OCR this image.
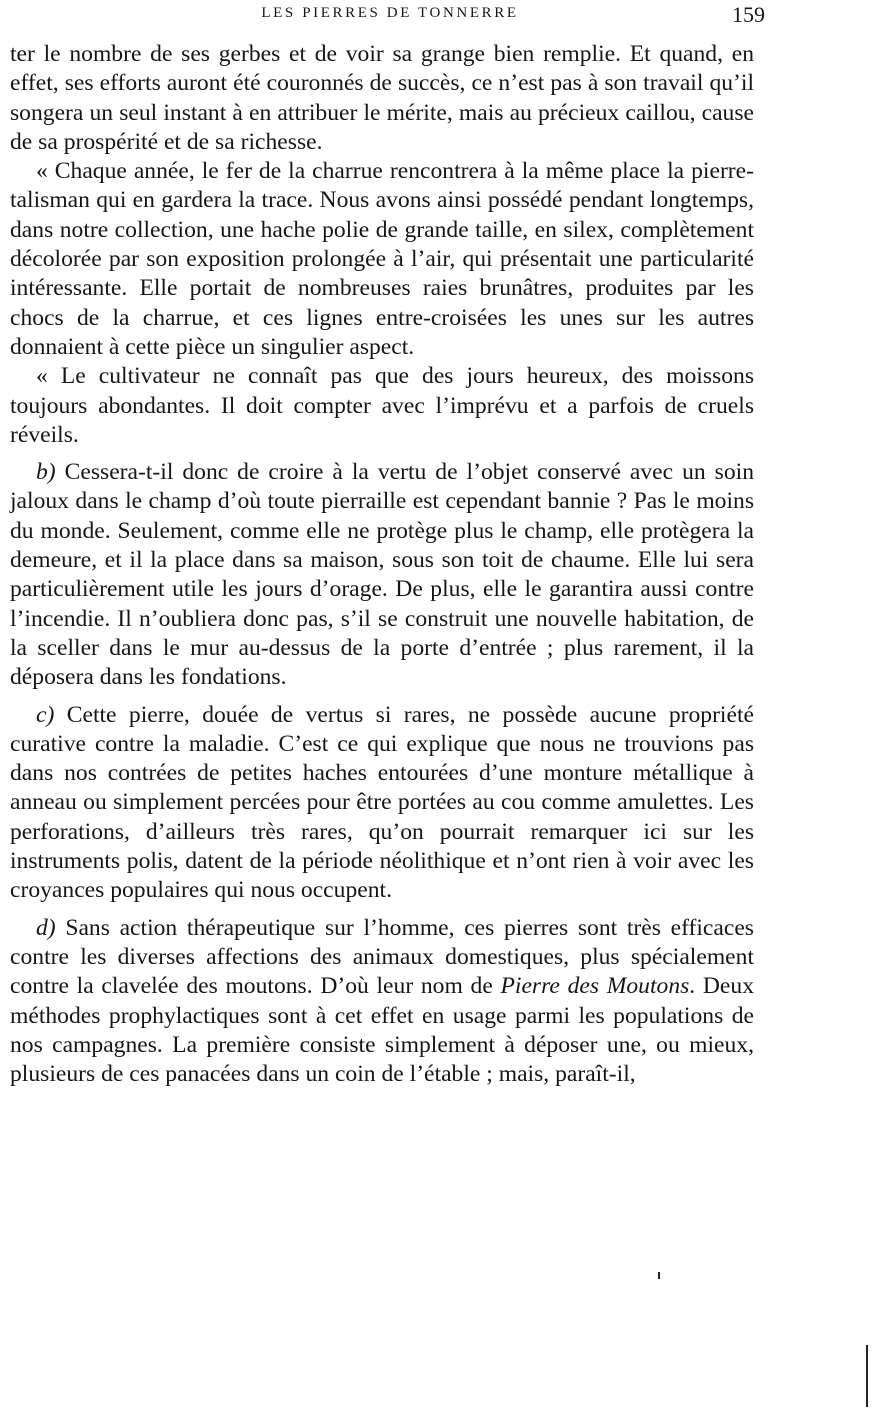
LES PIERRES DE TONNERRE	159

ter le nombre de ses gerbes et de voir sa grange bien remplie. Et quand, en effet, ses efforts auront été couronnés de succès, ce n’est pas à son travail qu’il songera un seul instant à en attribuer le mérite, mais au précieux caillou, cause de sa prospérité et de sa richesse.

« Chaque année, le fer de la charrue rencontrera à la même place la pierre-talisman qui en gardera la trace. Nous avons ainsi possédé pendant longtemps, dans notre collection, une hache polie de grande taille, en silex, complètement décolorée par son exposition prolongée à l’air, qui présentait une particularité intéressante. Elle portait de nombreuses raies brunâtres, produites par les chocs de la charrue, et ces lignes entre-croisées les unes sur les autres donnaient à cette pièce un singulier aspect.

« Le cultivateur ne connaît pas que des jours heureux, des moissons toujours abondantes. Il doit compter avec l’imprévu et a parfois de cruels réveils.

b) Cessera-t-il donc de croire à la vertu de l’objet conservé avec un soin jaloux dans le champ d’où toute pierraille est cependant bannie ? Pas le moins du monde. Seulement, comme elle ne protège plus le champ, elle protègera la demeure, et il la place dans sa maison, sous son toit de chaume. Elle lui sera particulièrement utile les jours d’orage. De plus, elle le garantira aussi contre l’incendie. Il n’oubliera donc pas, s’il se construit une nouvelle habitation, de la sceller dans le mur au-dessus de la porte d’entrée ; plus rarement, il la déposera dans les fondations.

c) Cette pierre, douée de vertus si rares, ne possède aucune propriété curative contre la maladie. C’est ce qui explique que nous ne trouvions pas dans nos contrées de petites haches entourées d’une monture métallique à anneau ou simplement percées pour être portées au cou comme amulettes. Les perforations, d’ailleurs très rares, qu’on pourrait remarquer ici sur les instruments polis, datent de la période néolithique et n’ont rien à voir avec les croyances populaires qui nous occupent.

d) Sans action thérapeutique sur l’homme, ces pierres sont très efficaces contre les diverses affections des animaux domestiques, plus spécialement contre la clavelée des moutons. D’où leur nom de Pierre des Moutons. Deux méthodes prophylactiques sont à cet effet en usage parmi les populations de nos campagnes. La première consiste simplement à déposer une, ou mieux, plusieurs de ces panacées dans un coin de l’étable ; mais, paraît-il,
